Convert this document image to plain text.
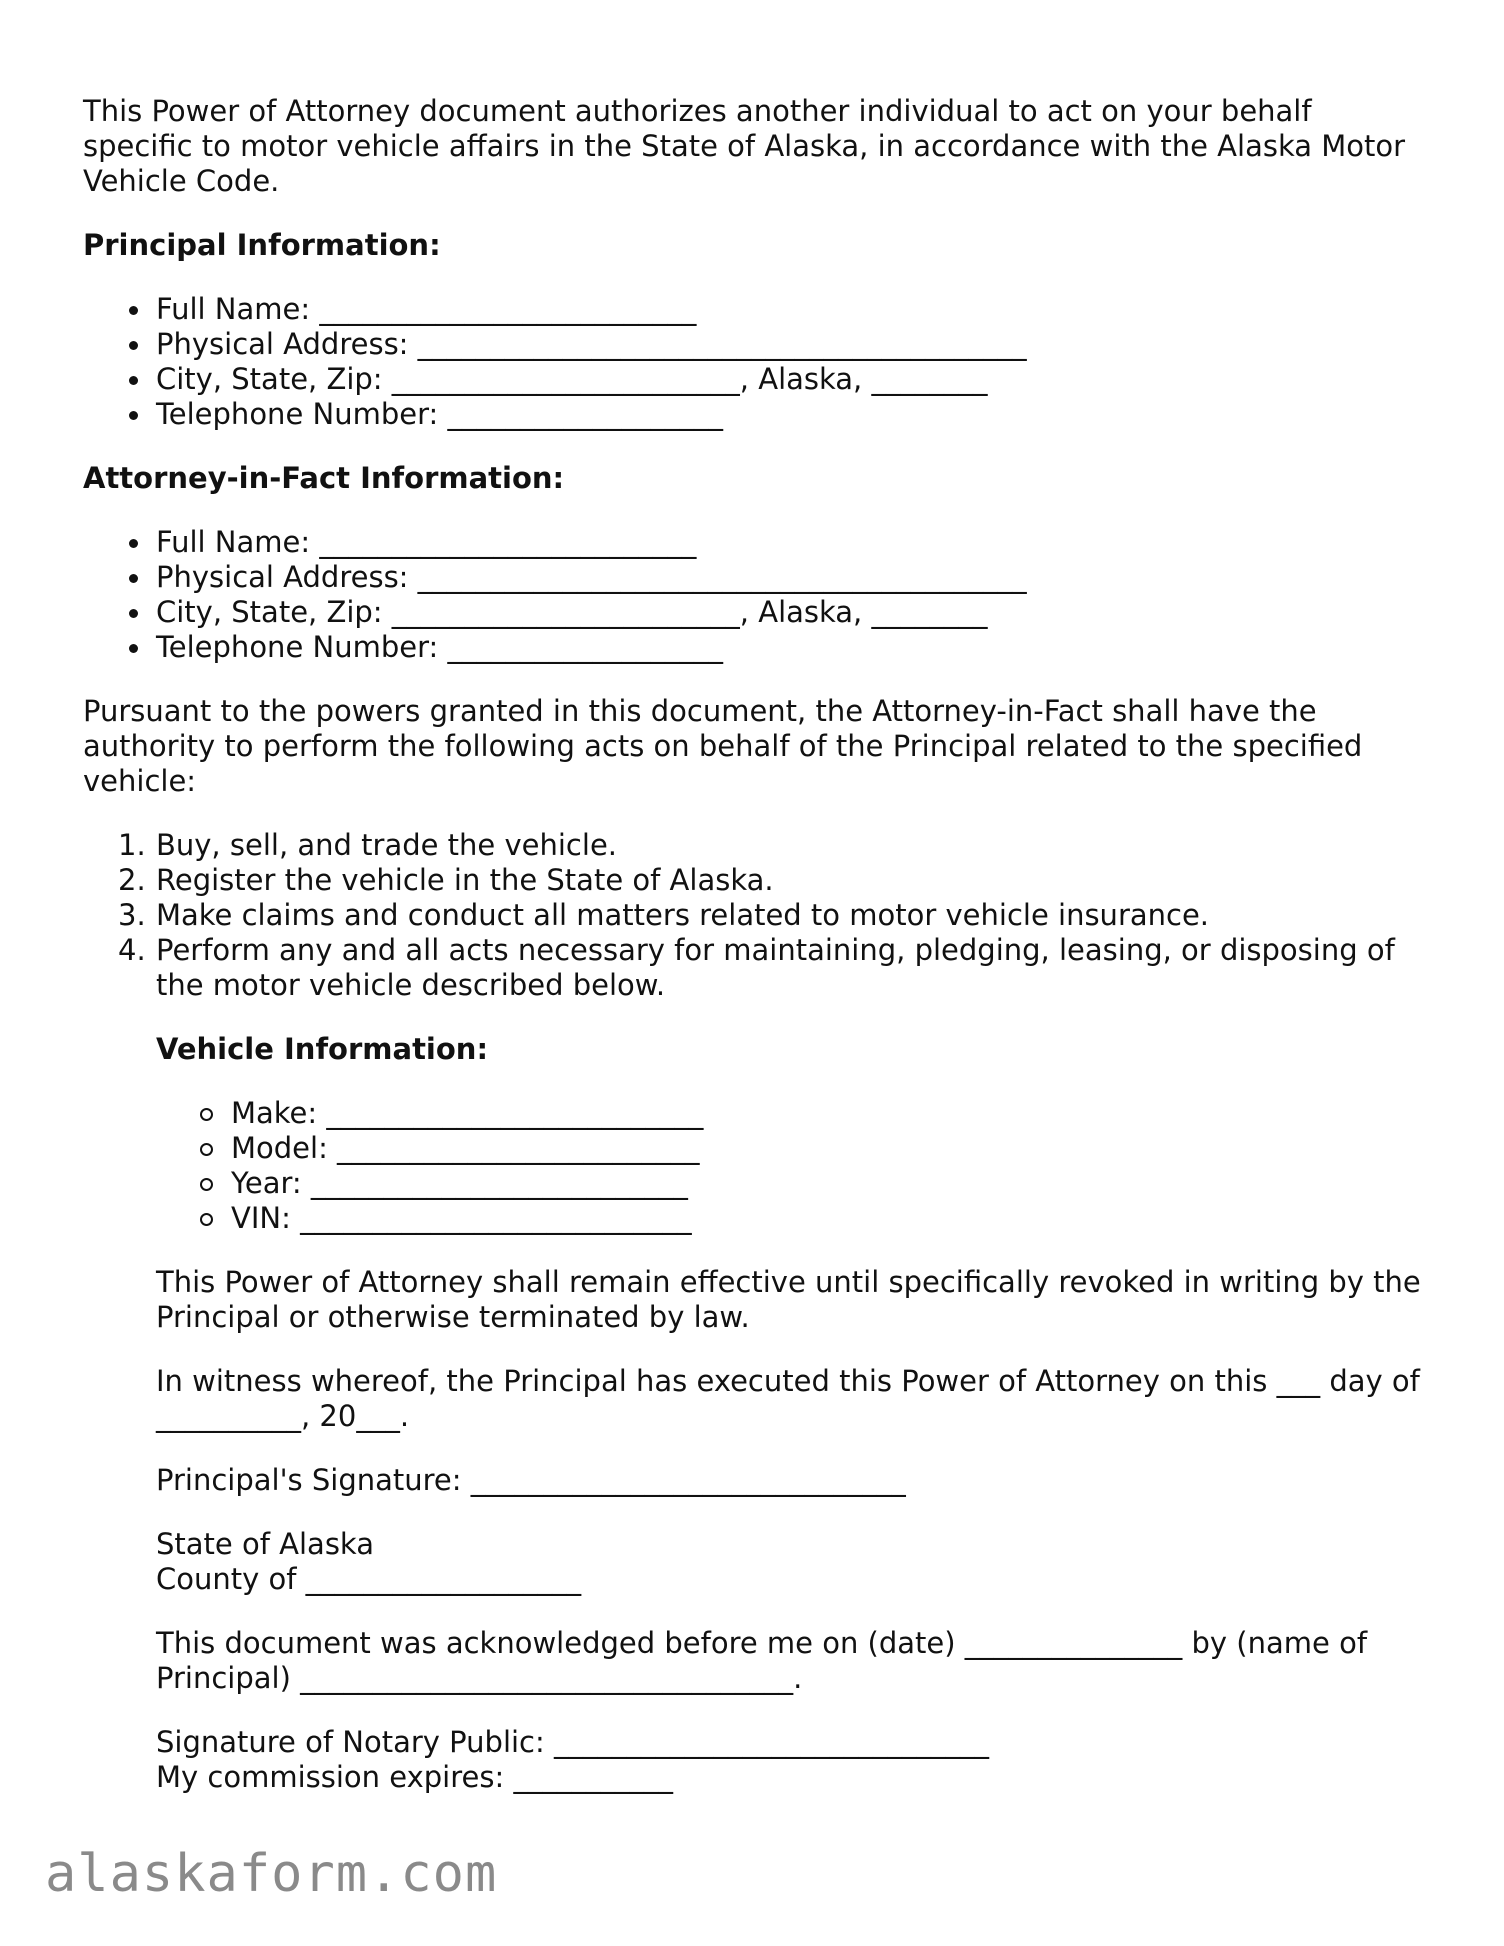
This Power of Attorney document authorizes another individual to act on your behalf specific to motor vehicle affairs in the State of Alaska, in accordance with the Alaska Motor Vehicle Code.

Principal Information:
Full Name: __________________________
Physical Address: __________________________________________
City, State, Zip: ________________________, Alaska, ________
Telephone Number: ___________________
Attorney-in-Fact Information:
Full Name: __________________________
Physical Address: __________________________________________
City, State, Zip: ________________________, Alaska, ________
Telephone Number: ___________________

Pursuant to the powers granted in this document, the Attorney-in-Fact shall have the authority to perform the following acts on behalf of the Principal related to the specified vehicle:

1. Buy, sell, and trade the vehicle.
2. Register the vehicle in the State of Alaska.
3. Make claims and conduct all matters related to motor vehicle insurance.
4. Perform any and all acts necessary for maintaining, pledging, leasing, or disposing of the motor vehicle described below.
Vehicle Information:
Make: __________________________
Model: _________________________
Year: __________________________
VIN: ___________________________

This Power of Attorney shall remain effective until specifically revoked in writing by the Principal or otherwise terminated by law.

In witness whereof, the Principal has executed this Power of Attorney on this ___ day of __________, 20___.

Principal's Signature: ______________________________

State of Alaska
County of ___________________

This document was acknowledged before me on (date) _______________ by (name of Principal) __________________________________.

Signature of Notary Public: ______________________________
My commission expires: ___________

alaskaform.com
